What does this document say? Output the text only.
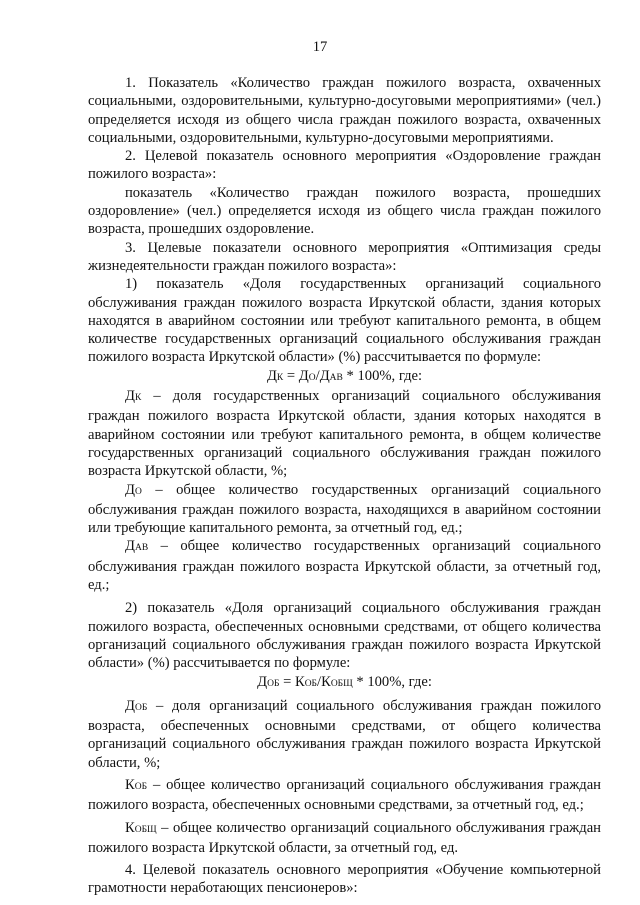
17

1. Показатель «Количество граждан пожилого возраста, охваченных социальными, оздоровительными, культурно-досуговыми мероприятиями» (чел.) определяется исходя из общего числа граждан пожилого возраста, охваченных социальными, оздоровительными, культурно-досуговыми мероприятиями.

2. Целевой показатель основного мероприятия «Оздоровление граждан пожилого возраста»:

показатель «Количество граждан пожилого возраста, прошедших оздоровление» (чел.) определяется исходя из общего числа граждан пожилого возраста, прошедших оздоровление.

3. Целевые показатели основного мероприятия «Оптимизация среды жизнедеятельности граждан пожилого возраста»:

1) показатель «Доля государственных организаций социального обслуживания граждан пожилого возраста Иркутской области, здания которых находятся в аварийном состоянии или требуют капитального ремонта, в общем количестве государственных организаций социального обслуживания граждан пожилого возраста Иркутской области» (%) рассчитывается по формуле:

ДК = ДО/ДАВ * 100%, где:

ДК – доля государственных организаций социального обслуживания граждан пожилого возраста Иркутской области, здания которых находятся в аварийном состоянии или требуют капитального ремонта, в общем количестве государственных организаций социального обслуживания граждан пожилого возраста Иркутской области, %;

ДО – общее количество государственных организаций социального обслуживания граждан пожилого возраста, находящихся в аварийном состоянии или требующие капитального ремонта, за отчетный год, ед.;

ДАВ – общее количество государственных организаций социального обслуживания граждан пожилого возраста Иркутской области, за отчетный год, ед.;

2) показатель «Доля организаций социального обслуживания граждан пожилого возраста, обеспеченных основными средствами, от общего количества организаций социального обслуживания граждан пожилого возраста Иркутской области» (%) рассчитывается по формуле:

ДОБ = КОБ/КОБЩ * 100%, где:

ДОБ – доля организаций социального обслуживания граждан пожилого возраста, обеспеченных основными средствами, от общего количества организаций социального обслуживания граждан пожилого возраста Иркутской области, %;

КОБ – общее количество организаций социального обслуживания граждан пожилого возраста, обеспеченных основными средствами, за отчетный год, ед.;

КОБЩ – общее количество организаций социального обслуживания граждан пожилого возраста Иркутской области, за отчетный год, ед.

4. Целевой показатель основного мероприятия «Обучение компьютерной грамотности неработающих пенсионеров»:
